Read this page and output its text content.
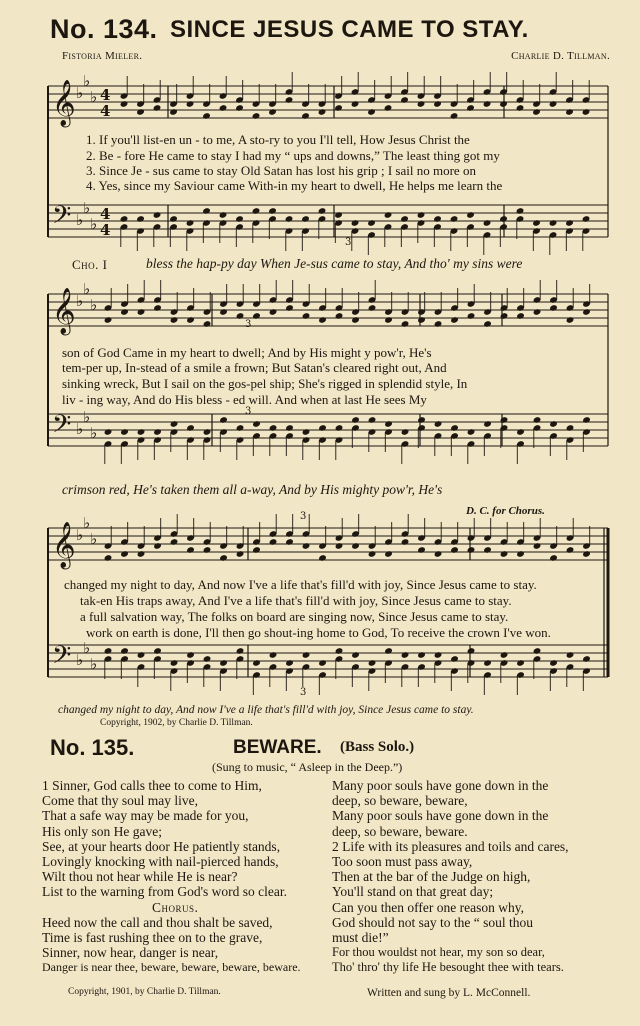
No. 134. SINCE JESUS CAME TO STAY.
Fistoria Mieler.	Charlie D. Tillman.
𝄞
𝄢
♭
♭
♭
♭
♭
♭
4
4
4
4
𝄞
𝄢
♭
♭
♭
♭
♭
♭
𝄞
𝄢
♭
♭
♭
♭
♭
♭
3
3
3
3
3
1. If you'll list-en un - to me, A sto-ry to you I'll tell, How Jesus Christ the
2. Be - fore He came to stay I had my “ ups and downs,” The least thing got my
3. Since Je - sus came to stay Old Satan has lost his grip ; I sail no more on
4. Yes, since my Saviour came With-in my heart to dwell, He helps me learn the
Cho. I	bless the hap-py day When Je-sus came to stay, And tho' my sins were
son of God Came in my heart to dwell; And by His might y pow'r, He's
tem-per up, In-stead of a smile a frown; But Satan's cleared right out, And
sinking wreck, But I sail on the gos-pel ship; She's rigged in splendid style, In
liv - ing way, And do His bless - ed will. And when at last He sees My
crimson red, He's taken them all a-way, And by His mighty pow'r, He's
D. C. for Chorus.
changed my night to day, And now I've a life that's fill'd with joy, Since Jesus came to stay.
tak-en His traps away, And I've a life that's fill'd with joy, Since Jesus came to stay.
a full salvation way, The folks on board are singing now, Since Jesus came to stay.
work on earth is done, I'll then go shout-ing home to God, To receive the crown I've won.
changed my night to day, And now I've a life that's fill'd with joy, Since Jesus came to stay.
Copyright, 1902, by Charlie D. Tillman.
No. 135.	BEWARE. (Bass Solo.)
(Sung to music, “ Asleep in the Deep.”)
1 Sinner, God calls thee to come to Him,
Come that thy soul may live,
That a safe way may be made for you,
His only son He gave;
See, at your hearts door He patiently stands,
Lovingly knocking with nail-pierced hands,
Wilt thou not hear while He is near?
List to the warning from God's word so clear.
Chorus.
Heed now the call and thou shalt be saved,
Time is fast rushing thee on to the grave,
Sinner, now hear, danger is near,
Danger is near thee, beware, beware, beware, beware.
Many poor souls have gone down in the
deep, so beware, beware,
Many poor souls have gone down in the
deep, so beware, beware.
2 Life with its pleasures and toils and cares,
Too soon must pass away,
Then at the bar of the Judge on high,
You'll stand on that great day;
Can you then offer one reason why,
God should not say to the “ soul thou
must die!”
For thou wouldst not hear, my son so dear,
Tho' thro' thy life He besought thee with tears.
Copyright, 1901, by Charlie D. Tillman.	Written and sung by L. McConnell.
